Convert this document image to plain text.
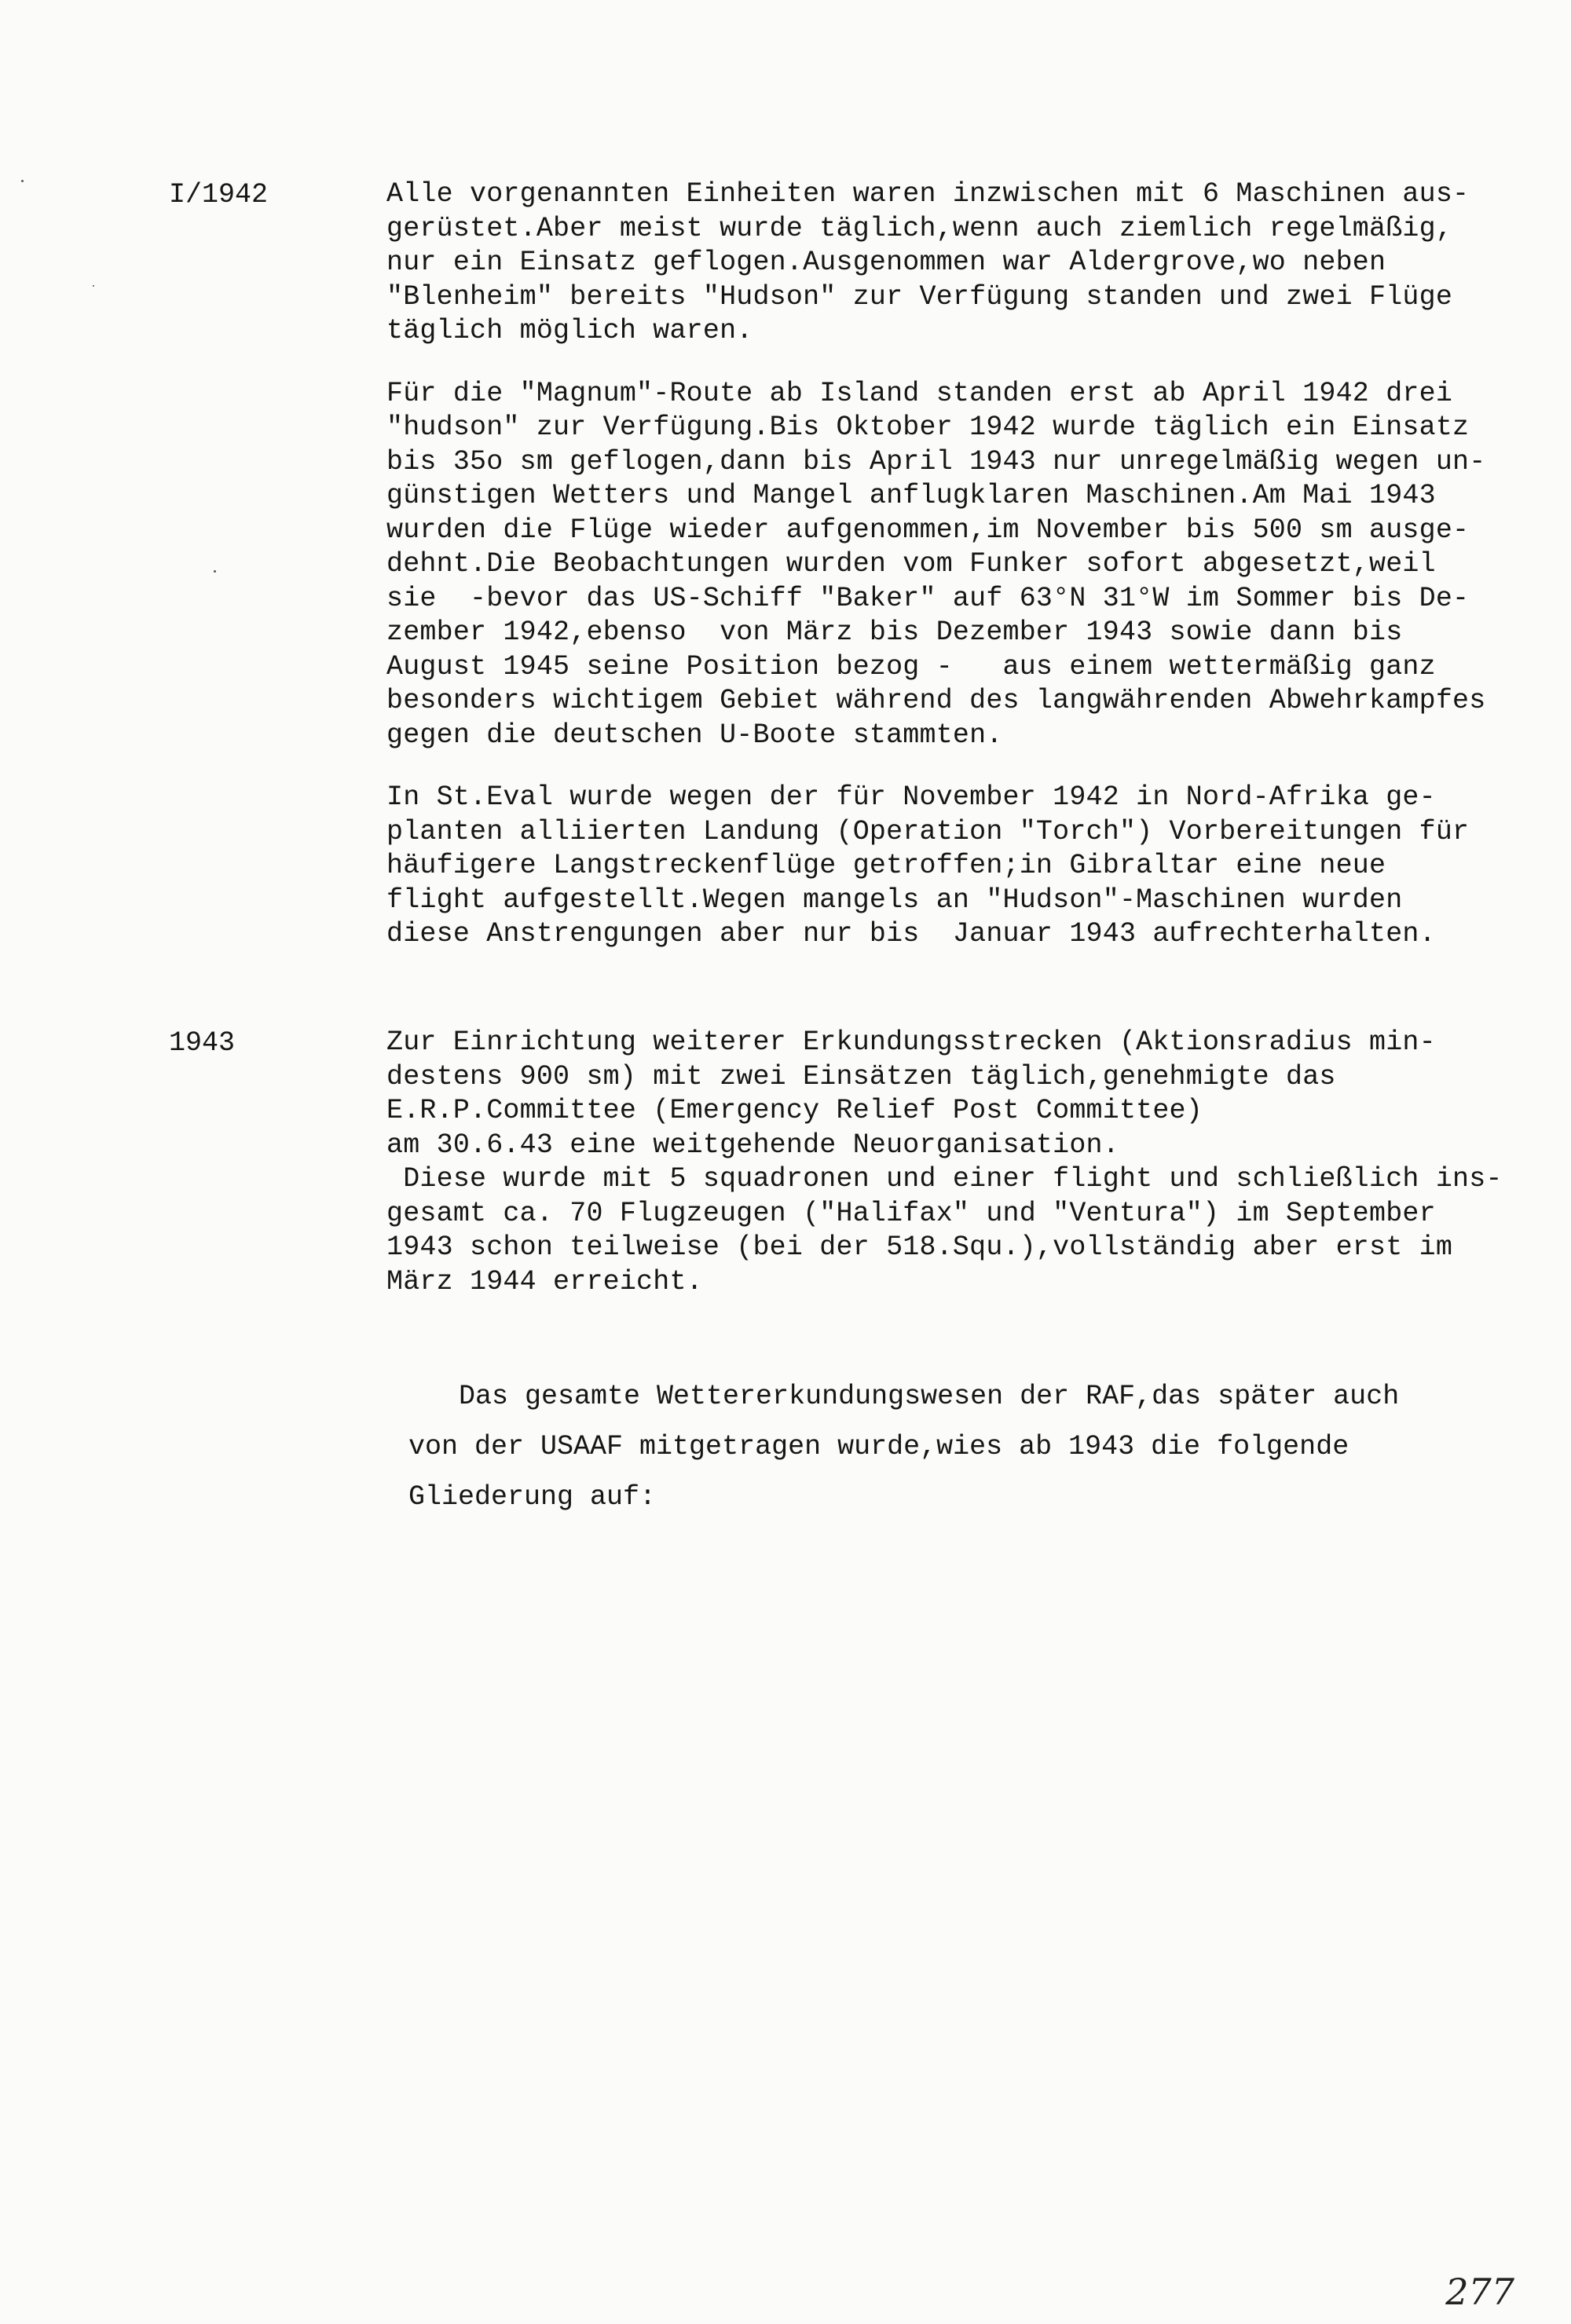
I/1942	Alle vorgenannten Einheiten waren inzwischen mit 6 Maschinen aus-
gerüstet.Aber meist wurde täglich,wenn auch ziemlich regelmäßig,
nur ein Einsatz geflogen.Ausgenommen war Aldergrove,wo neben
"Blenheim" bereits "Hudson" zur Verfügung standen und zwei Flüge
täglich möglich waren.
Für die "Magnum"-Route ab Island standen erst ab April 1942 drei
"hudson" zur Verfügung.Bis Oktober 1942 wurde täglich ein Einsatz
bis 35o sm geflogen,dann bis April 1943 nur unregelmäßig wegen un-
günstigen Wetters und Mangel anflugklaren Maschinen.Am Mai 1943
wurden die Flüge wieder aufgenommen,im November bis 500 sm ausge-
dehnt.Die Beobachtungen wurden vom Funker sofort abgesetzt,weil
sie  -bevor das US-Schiff "Baker" auf 63°N 31°W im Sommer bis De-
zember 1942,ebenso  von März bis Dezember 1943 sowie dann bis
August 1945 seine Position bezog -   aus einem wettermäßig ganz
besonders wichtigem Gebiet während des langwährenden Abwehrkampfes
gegen die deutschen U-Boote stammten.
In St.Eval wurde wegen der für November 1942 in Nord-Afrika ge-
planten alliierten Landung (Operation "Torch") Vorbereitungen für
häufigere Langstreckenflüge getroffen;in Gibraltar eine neue
flight aufgestellt.Wegen mangels an "Hudson"-Maschinen wurden
diese Anstrengungen aber nur bis  Januar 1943 aufrechterhalten.
1943	Zur Einrichtung weiterer Erkundungsstrecken (Aktionsradius min-
destens 900 sm) mit zwei Einsätzen täglich,genehmigte das
E.R.P.Committee (Emergency Relief Post Committee)
am 30.6.43 eine weitgehende Neuorganisation.
Diese wurde mit 5 squadronen und einer flight und schließlich ins-
gesamt ca. 70 Flugzeugen ("Halifax" und "Ventura") im September
1943 schon teilweise (bei der 518.Squ.),vollständig aber erst im
März 1944 erreicht.
Das gesamte Wettererkundungswesen der RAF,das später auch
von der USAAF mitgetragen wurde,wies ab 1943 die folgende
Gliederung auf:
277
